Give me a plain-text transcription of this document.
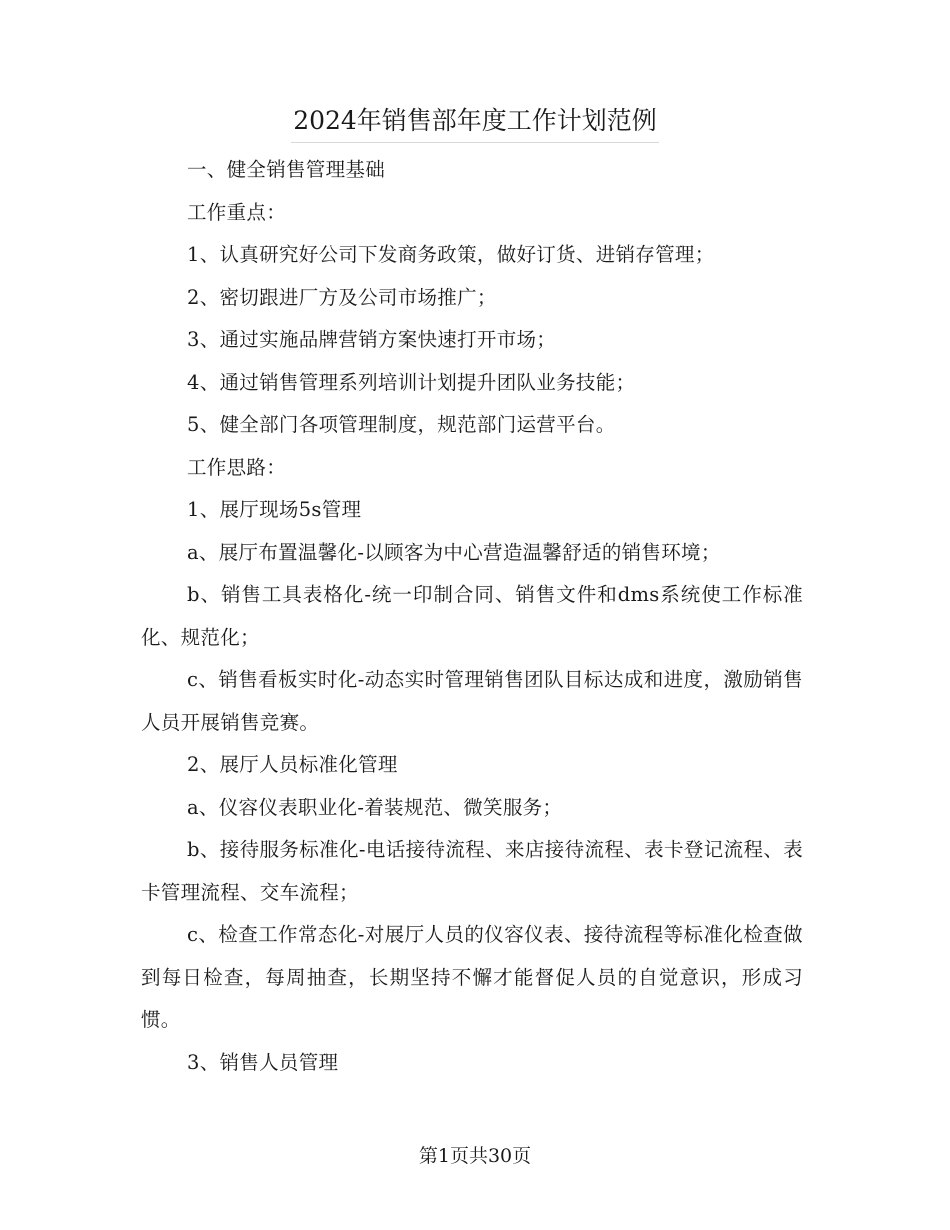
2024年销售部年度工作计划范例

一、健全销售管理基础

工作重点：

1、认真研究好公司下发商务政策，做好订货、进销存管理；

2、密切跟进厂方及公司市场推广；

3、通过实施品牌营销方案快速打开市场；

4、通过销售管理系列培训计划提升团队业务技能；

5、健全部门各项管理制度，规范部门运营平台。

工作思路：

1、展厅现场5s管理

a、展厅布置温馨化-以顾客为中心营造温馨舒适的销售环境；

b、销售工具表格化-统一印制合同、销售文件和dms系统使工作标准化、规范化；

c、销售看板实时化-动态实时管理销售团队目标达成和进度，激励销售人员开展销售竞赛。

2、展厅人员标准化管理

a、仪容仪表职业化-着装规范、微笑服务；

b、接待服务标准化-电话接待流程、来店接待流程、表卡登记流程、表卡管理流程、交车流程；

c、检查工作常态化-对展厅人员的仪容仪表、接待流程等标准化检查做到每日检查，每周抽查，长期坚持不懈才能督促人员的自觉意识，形成习惯。

3、销售人员管理

第1页共30页
